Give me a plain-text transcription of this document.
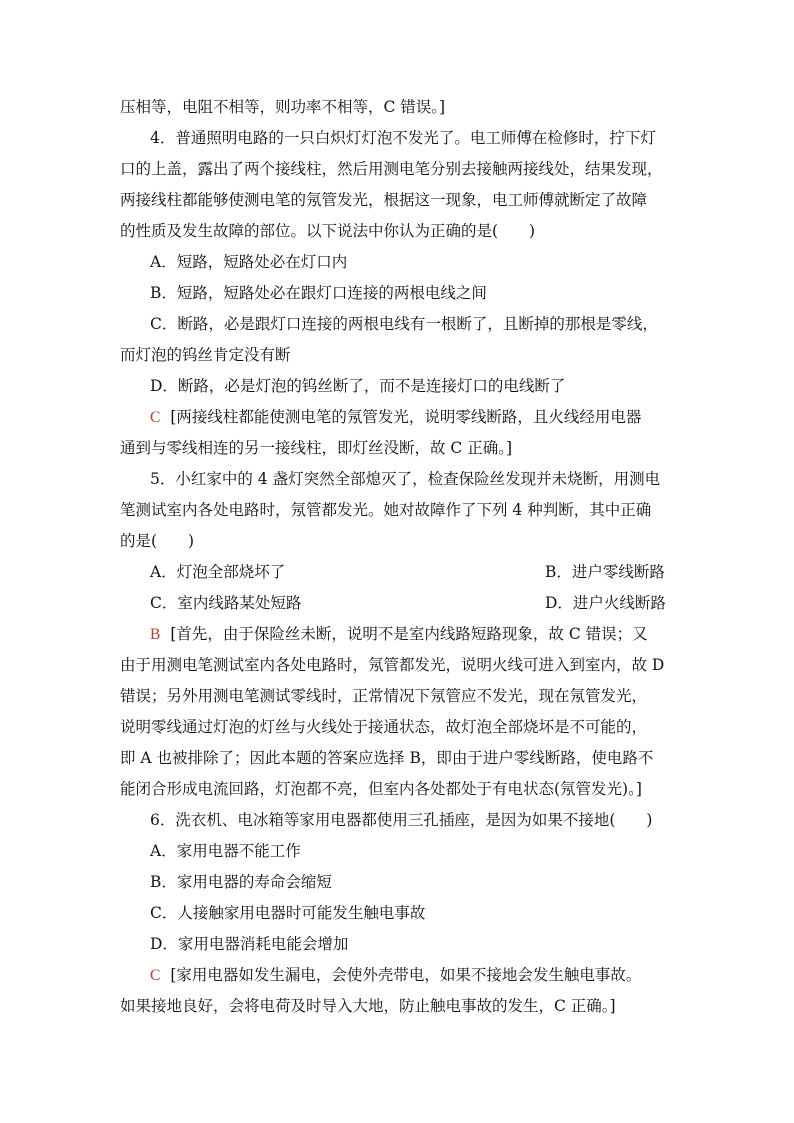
压相等，电阻不相等，则功率不相等，C 错误。]

4．普通照明电路的一只白炽灯灯泡不发光了。电工师傅在检修时，拧下灯

口的上盖，露出了两个接线柱，然后用测电笔分别去接触两接线处，结果发现，

两接线柱都能够使测电笔的氖管发光，根据这一现象，电工师傅就断定了故障

的性质及发生故障的部位。以下说法中你认为正确的是(　　)

A．短路，短路处必在灯口内

B．短路，短路处必在跟灯口连接的两根电线之间

C．断路，必是跟灯口连接的两根电线有一根断了，且断掉的那根是零线，

而灯泡的钨丝肯定没有断

D．断路，必是灯泡的钨丝断了，而不是连接灯口的电线断了

C [两接线柱都能使测电笔的氖管发光，说明零线断路，且火线经用电器

通到与零线相连的另一接线柱，即灯丝没断，故 C 正确。]

5．小红家中的 4 盏灯突然全部熄灭了，检查保险丝发现并未烧断，用测电

笔测试室内各处电路时，氖管都发光。她对故障作了下列 4 种判断，其中正确

的是(　　)

A．灯泡全部烧坏了	B．进户零线断路

C．室内线路某处短路	D．进户火线断路

B [首先，由于保险丝未断，说明不是室内线路短路现象，故 C 错误；又

由于用测电笔测试室内各处电路时，氖管都发光，说明火线可进入到室内，故 D

错误；另外用测电笔测试零线时，正常情况下氖管应不发光，现在氖管发光，

说明零线通过灯泡的灯丝与火线处于接通状态，故灯泡全部烧坏是不可能的，

即 A 也被排除了；因此本题的答案应选择 B，即由于进户零线断路，使电路不

能闭合形成电流回路，灯泡都不亮，但室内各处都处于有电状态(氖管发光)。]

6．洗衣机、电冰箱等家用电器都使用三孔插座，是因为如果不接地(　　)

A．家用电器不能工作

B．家用电器的寿命会缩短

C．人接触家用电器时可能发生触电事故

D．家用电器消耗电能会增加

C [家用电器如发生漏电，会使外壳带电，如果不接地会发生触电事故。

如果接地良好，会将电荷及时导入大地，防止触电事故的发生，C 正确。]
